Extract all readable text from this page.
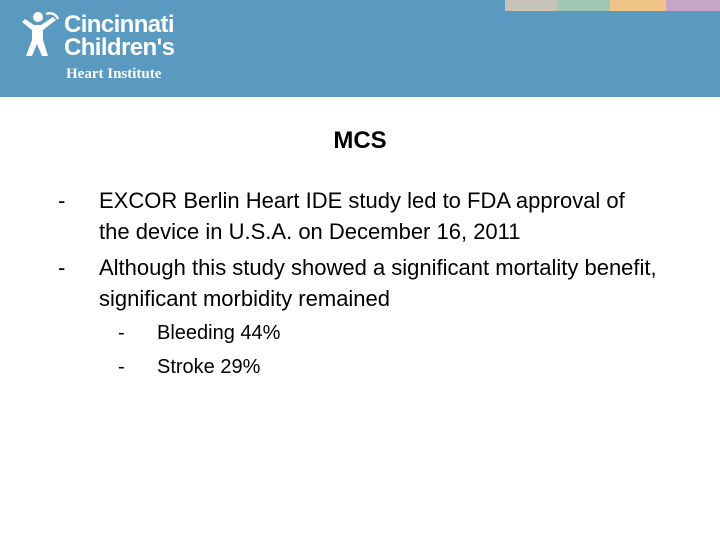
Cincinnati
Children's
Heart Institute
MCS
- EXCOR Berlin Heart IDE study led to FDA approval of the device in U.S.A. on December 16, 2011
- Although this study showed a significant mortality benefit, significant morbidity remained
- Bleeding 44%
- Stroke 29%
